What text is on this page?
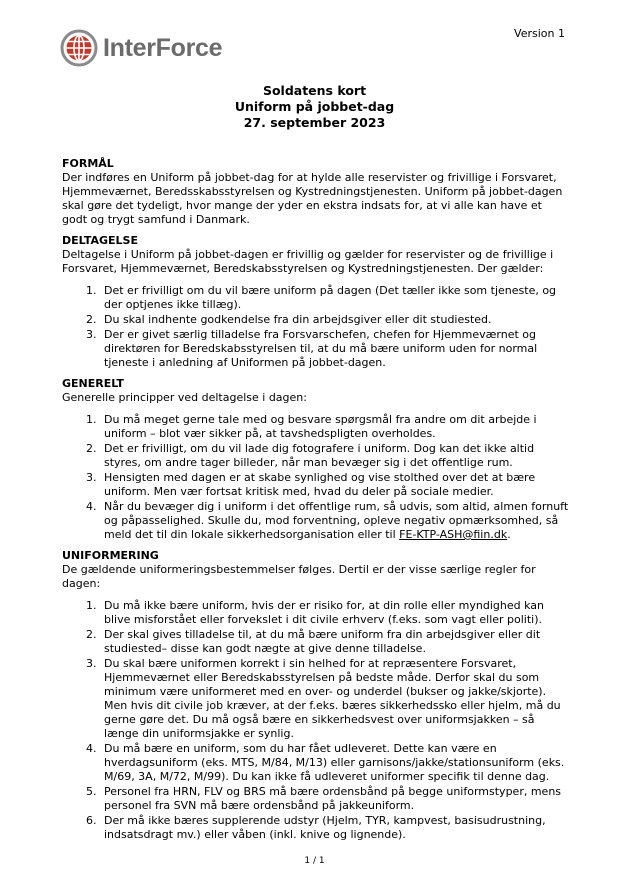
Version 1
InterForce
Soldatens kort
Uniform på jobbet-dag
27. september 2023
FORMÅL

Der indføres en Uniform på jobbet-dag for at hylde alle reservister og frivillige i Forsvaret, Hjemmeværnet, Beredsskabsstyrelsen og Kystredningstjenesten. Uniform på jobbet-dagen skal gøre det tydeligt, hvor mange der yder en ekstra indsats for, at vi alle kan have et godt og trygt samfund i Danmark.

DELTAGELSE

Deltagelse i Uniform på jobbet-dagen er frivillig og gælder for reservister og de frivillige i Forsvaret, Hjemmeværnet, Beredskabsstyrelsen og Kystredningstjenesten. Der gælder:

1. Det er frivilligt om du vil bære uniform på dagen (Det tæller ikke som tjeneste, og der optjenes ikke tillæg).
2. Du skal indhente godkendelse fra din arbejdsgiver eller dit studiested.
3. Der er givet særlig tilladelse fra Forsvarschefen, chefen for Hjemmeværnet og direktøren for Beredskabsstyrelsen til, at du må bære uniform uden for normal tjeneste i anledning af Uniformen på jobbet-dagen.
GENERELT

Generelle principper ved deltagelse i dagen:

1. Du må meget gerne tale med og besvare spørgsmål fra andre om dit arbejde i uniform – blot vær sikker på, at tavshedspligten overholdes.
2. Det er frivilligt, om du vil lade dig fotografere i uniform. Dog kan det ikke altid styres, om andre tager billeder, når man bevæger sig i det offentlige rum.
3. Hensigten med dagen er at skabe synlighed og vise stolthed over det at bære uniform. Men vær fortsat kritisk med, hvad du deler på sociale medier.
4. Når du bevæger dig i uniform i det offentlige rum, så udvis, som altid, almen fornuft og påpasselighed. Skulle du, mod forventning, opleve negativ opmærksomhed, så meld det til din lokale sikkerhedsorganisation eller til FE-KTP-ASH@fiin.dk.
UNIFORMERING

De gældende uniformeringsbestemmelser følges. Dertil er der visse særlige regler for dagen:

1. Du må ikke bære uniform, hvis der er risiko for, at din rolle eller myndighed kan blive misforstået eller forvekslet i dit civile erhverv (f.eks. som vagt eller politi).
2. Der skal gives tilladelse til, at du må bære uniform fra din arbejdsgiver eller dit studiested– disse kan godt nægte at give denne tilladelse.
3. Du skal bære uniformen korrekt i sin helhed for at repræsentere Forsvaret, Hjemmeværnet eller Beredskabsstyrelsen på bedste måde. Derfor skal du som minimum være uniformeret med en over- og underdel (bukser og jakke/skjorte). Men hvis dit civile job kræver, at der f.eks. bæres sikkerhedssko eller hjelm, må du gerne gøre det. Du må også bære en sikkerhedsvest over uniformsjakken – så længe din uniformsjakke er synlig.
4. Du må bære en uniform, som du har fået udleveret. Dette kan være en hverdagsuniform (eks. MTS, M/84, M/13) eller garnisons/jakke/stationsuniform (eks. M/69, 3A, M/72, M/99). Du kan ikke få udleveret uniformer specifik til denne dag.
5. Personel fra HRN, FLV og BRS må bære ordensbånd på begge uniformstyper, mens personel fra SVN må bære ordensbånd på jakkeuniform.
6. Der må ikke bæres supplerende udstyr (Hjelm, TYR, kampvest, basisudrustning, indsatsdragt mv.) eller våben (inkl. knive og lignende).
1 / 1
